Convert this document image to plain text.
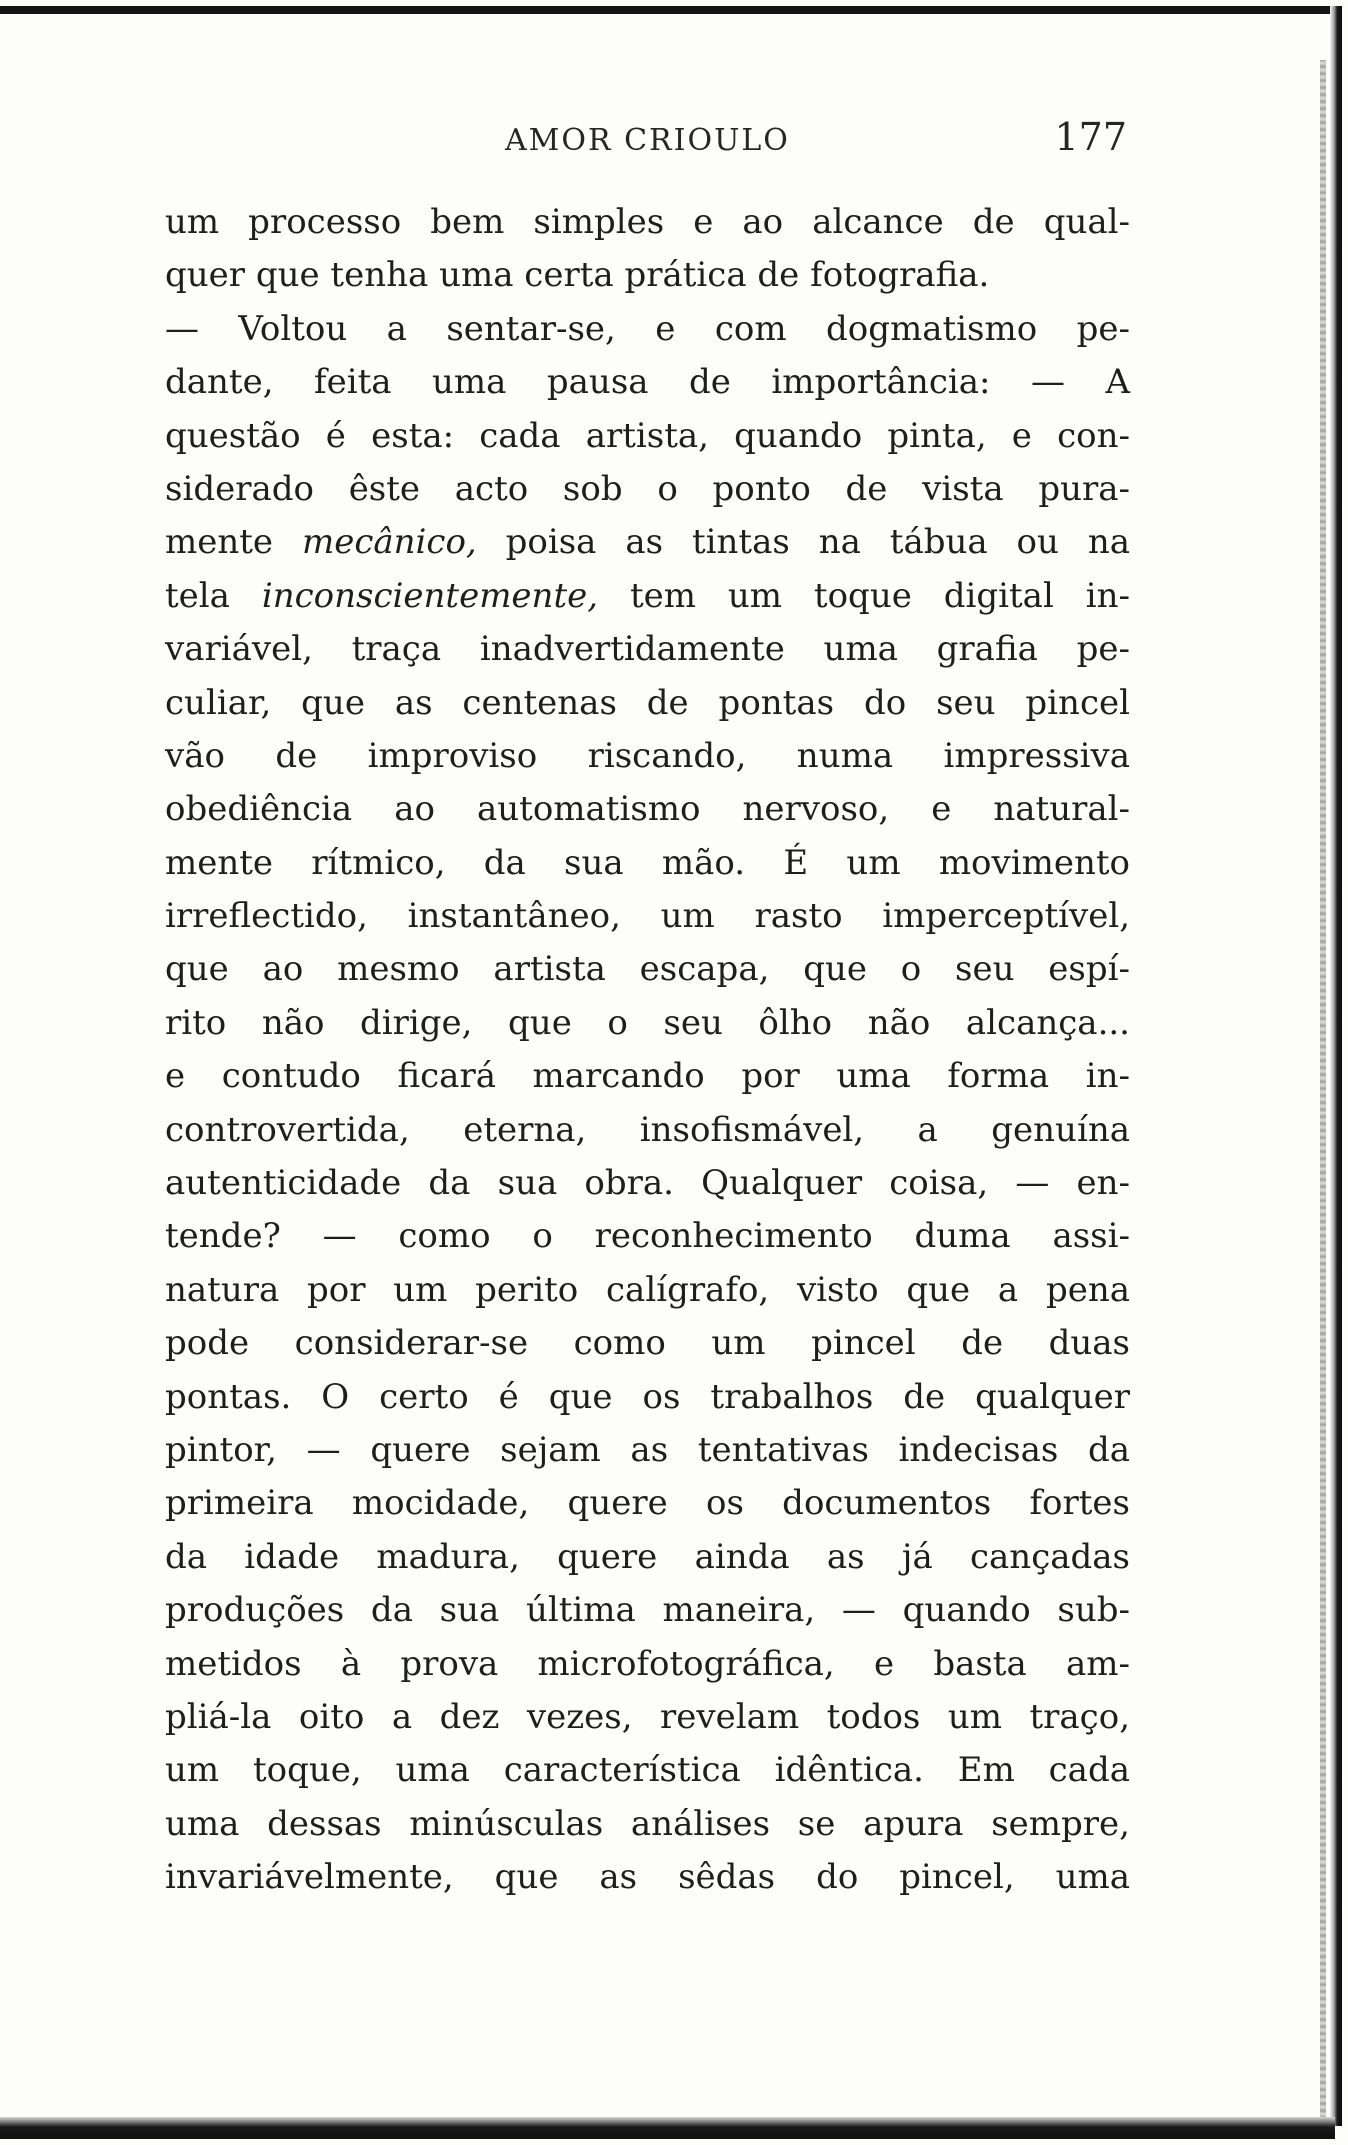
AMOR CRIOULO	177
um processo bem simples e ao alcance de qual-
quer que tenha uma certa prática de fotografia.
— Voltou a sentar-se, e com dogmatismo pe-
dante, feita uma pausa de importância: — A
questão é esta: cada artista, quando pinta, e con-
siderado êste acto sob o ponto de vista pura-
mente mecânico, poisa as tintas na tábua ou na
tela inconscientemente, tem um toque digital in-
variável, traça inadvertidamente uma grafia pe-
culiar, que as centenas de pontas do seu pincel
vão de improviso riscando, numa impressiva
obediência ao automatismo nervoso, e natural-
mente rítmico, da sua mão. É um movimento
irreflectido, instantâneo, um rasto imperceptível,
que ao mesmo artista escapa, que o seu espí-
rito não dirige, que o seu ôlho não alcança...
e contudo ficará marcando por uma forma in-
controvertida, eterna, insofismável, a genuína
autenticidade da sua obra. Qualquer coisa, — en-
tende? — como o reconhecimento duma assi-
natura por um perito calígrafo, visto que a pena
pode considerar-se como um pincel de duas
pontas. O certo é que os trabalhos de qualquer
pintor, — quere sejam as tentativas indecisas da
primeira mocidade, quere os documentos fortes
da idade madura, quere ainda as já cançadas
produções da sua última maneira, — quando sub-
metidos à prova microfotográfica, e basta am-
pliá-la oito a dez vezes, revelam todos um traço,
um toque, uma característica idêntica. Em cada
uma dessas minúsculas análises se apura sempre,
invariávelmente, que as sêdas do pincel, uma
